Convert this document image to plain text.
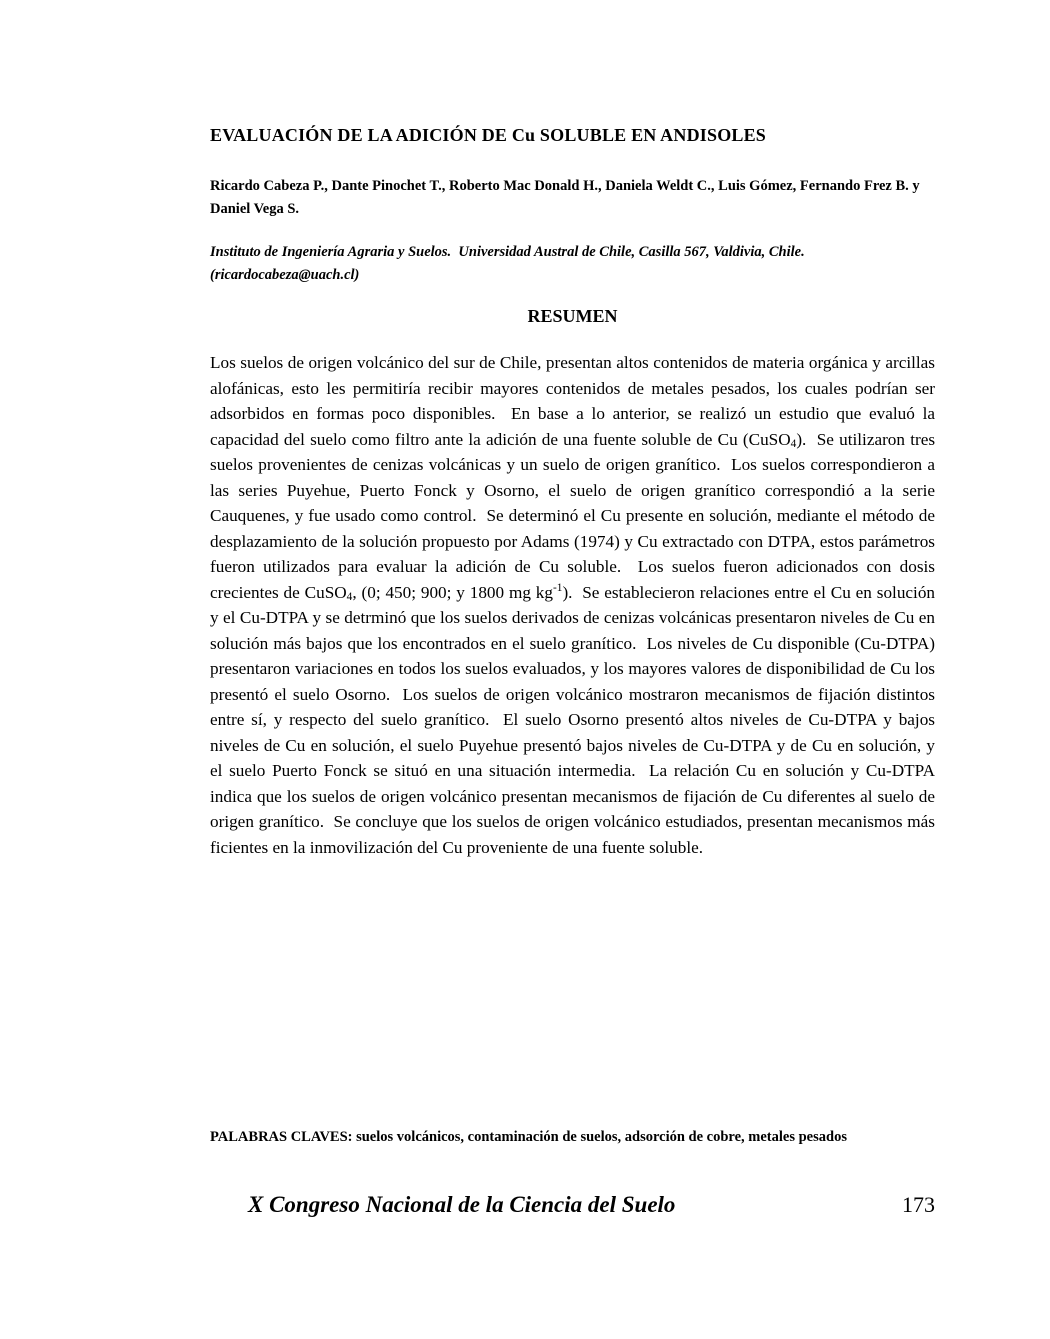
EVALUACIÓN DE LA ADICIÓN DE Cu SOLUBLE EN ANDISOLES

Ricardo Cabeza P., Dante Pinochet T., Roberto Mac Donald H., Daniela Weldt C., Luis Gómez, Fernando Frez B. y Daniel Vega S.

Instituto de Ingeniería Agraria y Suelos.  Universidad Austral de Chile, Casilla 567, Valdivia, Chile. (ricardocabeza@uach.cl)

RESUMEN

Los suelos de origen volcánico del sur de Chile, presentan altos contenidos de materia orgánica y arcillas alofánicas, esto les permitiría recibir mayores contenidos de metales pesados, los cuales podrían ser adsorbidos en formas poco disponibles.  En base a lo anterior, se realizó un estudio que evaluó la capacidad del suelo como filtro ante la adición de una fuente soluble de Cu (CuSO$_4$).  Se utilizaron tres suelos provenientes de cenizas volcánicas y un suelo de origen granítico.  Los suelos correspondieron a las series Puyehue, Puerto Fonck y Osorno, el suelo de origen granítico correspondió a la serie Cauquenes, y fue usado como control.  Se determinó el Cu presente en solución, mediante el método de desplazamiento de la solución propuesto por Adams (1974) y Cu extractado con DTPA, estos parámetros fueron utilizados para evaluar la adición de Cu soluble.  Los suelos fueron adicionados con dosis crecientes de CuSO$_4$, (0; 450; 900; y 1800 mg $kg^{-1}$).  Se establecieron relaciones entre el Cu en solución y el Cu-DTPA y se detrminó que los suelos derivados de cenizas volcánicas presentaron niveles de Cu en solución más bajos que los encontrados en el suelo granítico.  Los niveles de Cu disponible (Cu-DTPA) presentaron variaciones en todos los suelos evaluados, y los mayores valores de disponibilidad de Cu los presentó el suelo Osorno.  Los suelos de origen volcánico mostraron mecanismos de fijación distintos entre sí, y respecto del suelo granítico.  El suelo Osorno presentó altos niveles de Cu-DTPA y bajos niveles de Cu en solución, el suelo Puyehue presentó bajos niveles de Cu-DTPA y de Cu en solución, y el suelo Puerto Fonck se situó en una situación intermedia.  La relación Cu en solución y Cu-DTPA indica que los suelos de origen volcánico presentan mecanismos de fijación de Cu diferentes al suelo de origen granítico.  Se concluye que los suelos de origen volcánico estudiados, presentan mecanismos más ficientes en la inmovilización del Cu proveniente de una fuente soluble.

PALABRAS CLAVES: suelos volcánicos, contaminación de suelos, adsorción de cobre, metales pesados

X Congreso Nacional de la Ciencia del Suelo	173
